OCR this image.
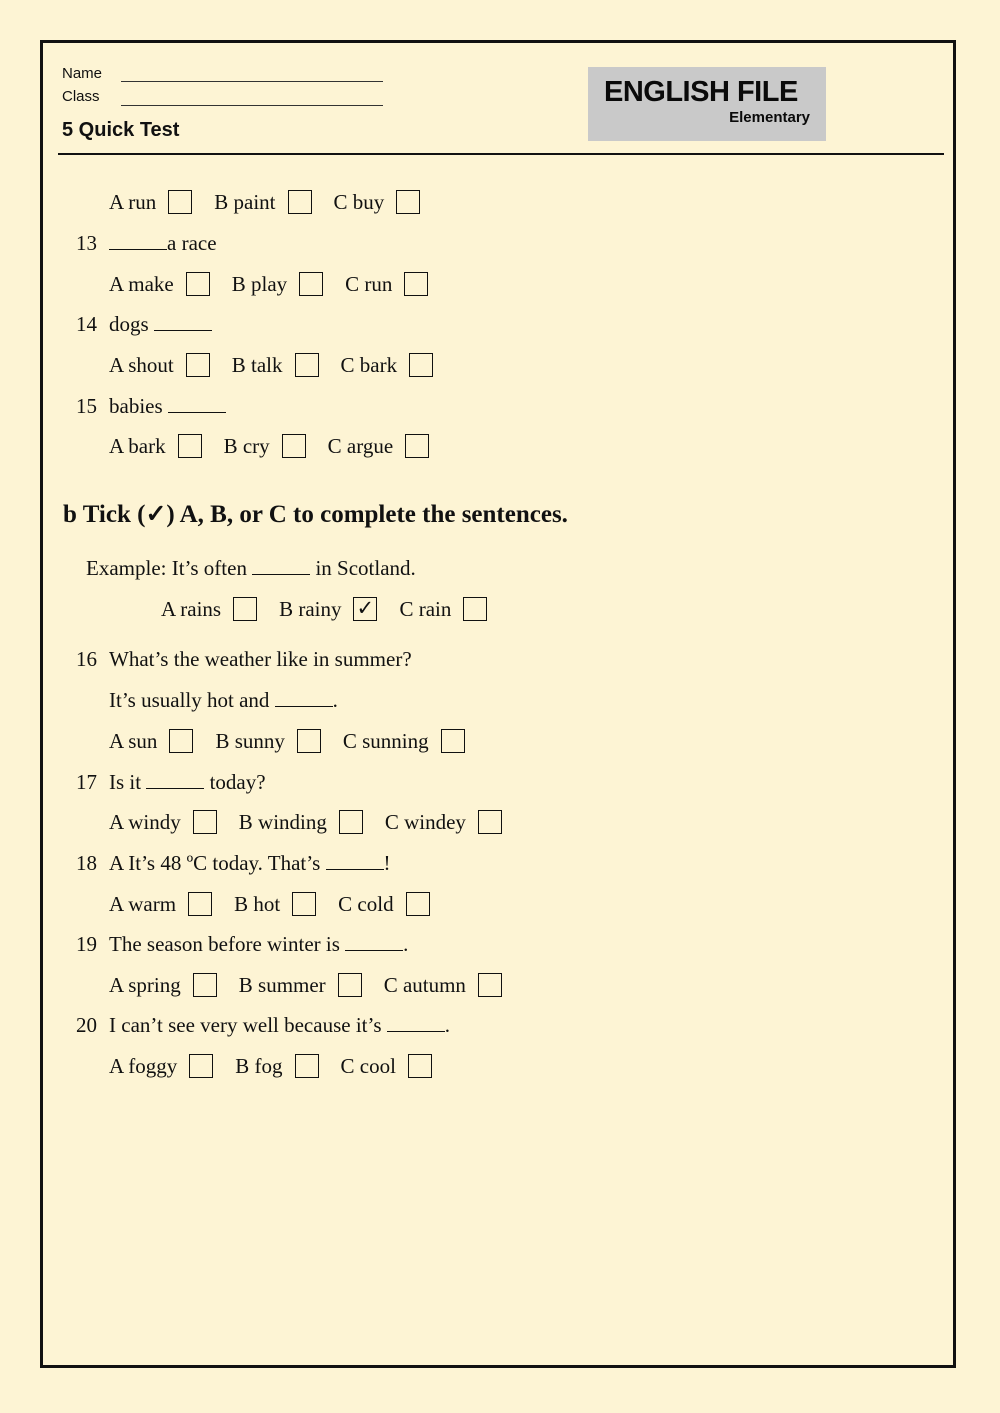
Name
Class
5 Quick Test
ENGLISH FILE
Elementary
A run	B paint	C buy
13	a race
A make	B play	C run
14 dogs
A shout	B talk	C bark
15 babies
A bark	B cry	C argue
b Tick (✓) A, B, or C to complete the sentences.
Example: It’s often	in Scotland.
A rains	B rainy
✓	C rain
16 What’s the weather like in summer?
It’s usually hot and	.
A sun	B sunny	C sunning
17 Is it	today?
A windy	B winding	C windey
18 A It’s 48 ºC today. That’s	!
A warm	B hot	C cold
19 The season before winter is	.
A spring	B summer	C autumn
20 I can’t see very well because it’s	.
A foggy	B fog	C cool
